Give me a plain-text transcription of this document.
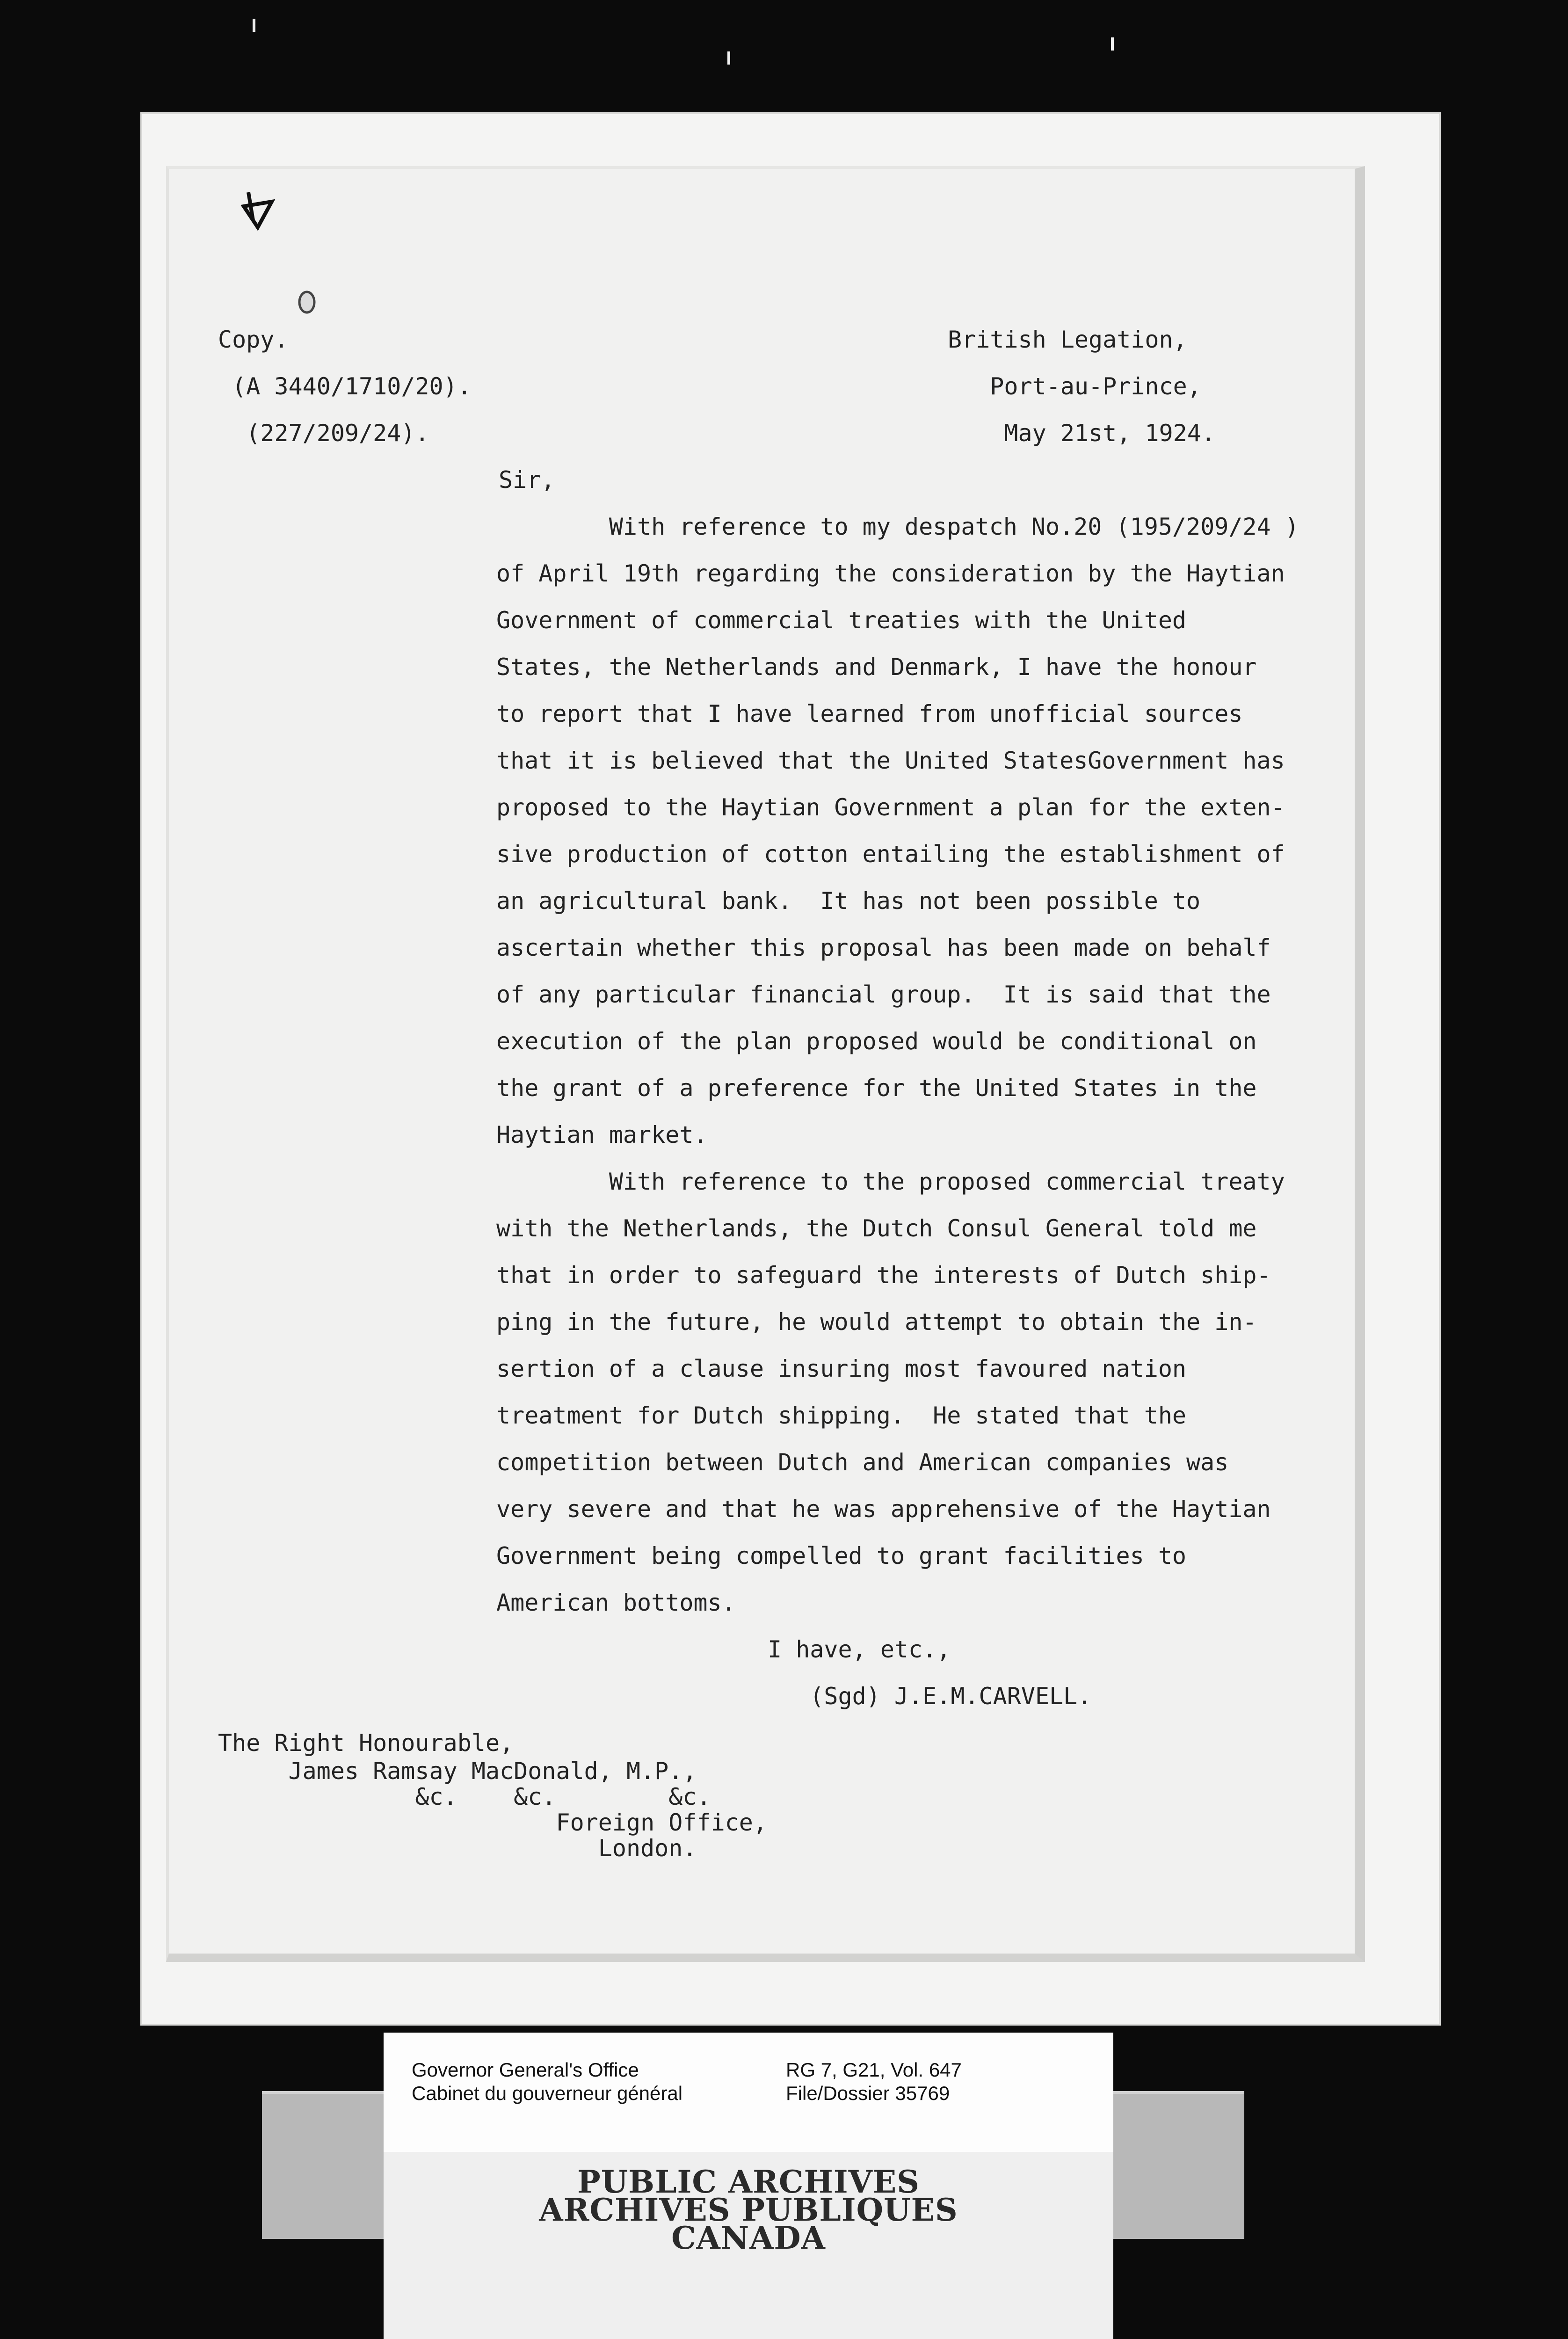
Copy.
(A 3440/1710/20).
(227/209/24).
British Legation,
Port-au-Prince,
May 21st, 1924.
Sir,
With reference to my despatch No.20 (195/209/24 )
of April 19th regarding the consideration by the Haytian
Government of commercial treaties with the United
States, the Netherlands and Denmark, I have the honour
to report that I have learned from unofficial sources
that it is believed that the United StatesGovernment has
proposed to the Haytian Government a plan for the exten-
sive production of cotton entailing the establishment of
an agricultural bank.  It has not been possible to
ascertain whether this proposal has been made on behalf
of any particular financial group.  It is said that the
execution of the plan proposed would be conditional on
the grant of a preference for the United States in the
Haytian market.
With reference to the proposed commercial treaty
with the Netherlands, the Dutch Consul General told me
that in order to safeguard the interests of Dutch ship-
ping in the future, he would attempt to obtain the in-
sertion of a clause insuring most favoured nation
treatment for Dutch shipping.  He stated that the
competition between Dutch and American companies was
very severe and that he was apprehensive of the Haytian
Government being compelled to grant facilities to
American bottoms.
I have, etc.,
(Sgd) J.E.M.CARVELL.
The Right Honourable,
James Ramsay MacDonald, M.P.,
&c.    &c.        &c.
Foreign Office,
London.
Governor General's Office
Cabinet du gouverneur général
RG 7, G21, Vol. 647
File/Dossier 35769
PUBLIC ARCHIVES
ARCHIVES PUBLIQUES
CANADA
